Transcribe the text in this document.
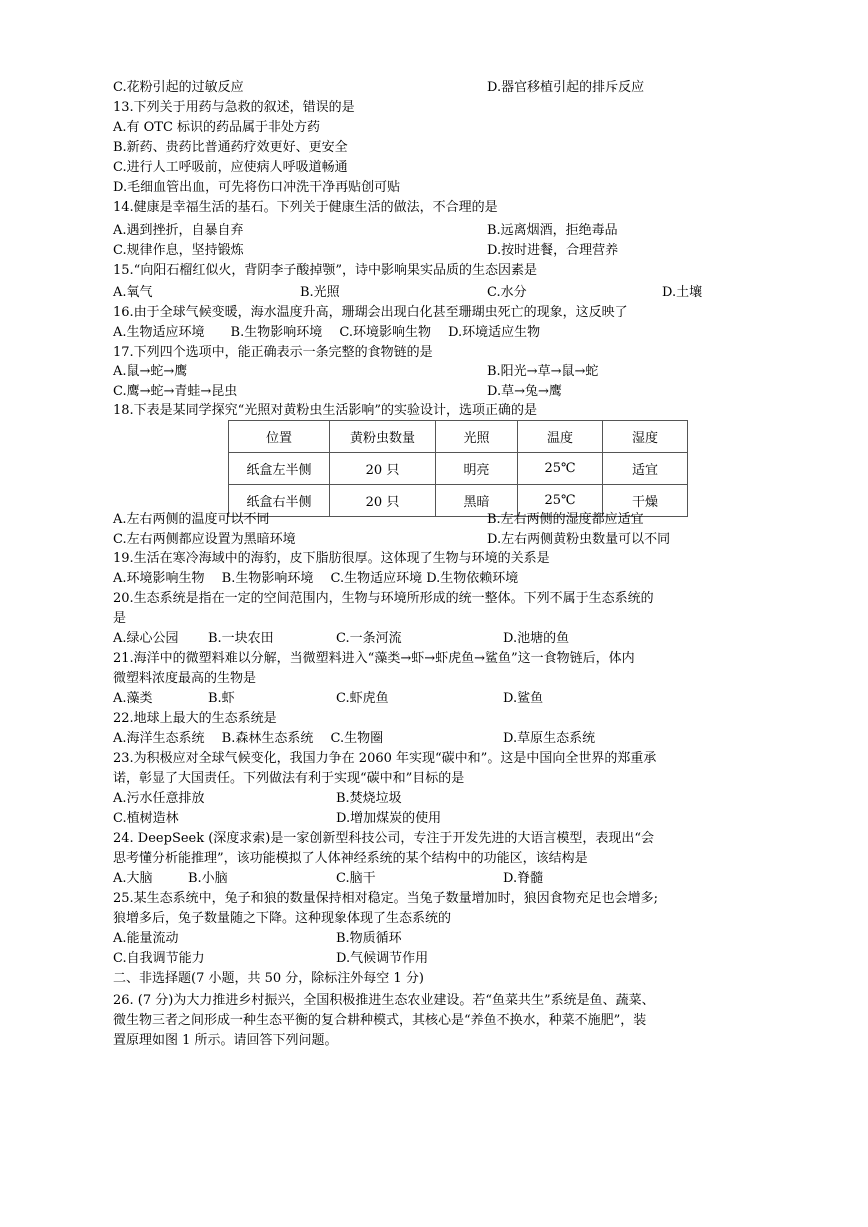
C.花粉引起的过敏反应	D.器官移植引起的排斥反应
13.下列关于用药与急救的叙述，错误的是
A.有 OTC 标识的药品属于非处方药
B.新药、贵药比普通药疗效更好、更安全
C.进行人工呼吸前，应使病人呼吸道畅通
D.毛细血管出血，可先将伤口冲洗干净再贴创可贴
14.健康是幸福生活的基石。下列关于健康生活的做法，不合理的是
A.遇到挫折，自暴自弃	B.远离烟酒，拒绝毒品
C.规律作息，坚持锻炼	D.按时进餐，合理营养
15.“向阳石榴红似火，背阴李子酸掉颚”，诗中影响果实品质的生态因素是
A.氧气	B.光照	C.水分	D.土壤
16.由于全球气候变暖，海水温度升高，珊瑚会出现白化甚至珊瑚虫死亡的现象，这反映了
A.生物适应环境　　B.生物影响环境　 C.环境影响生物　 D.环境适应生物
17.下列四个选项中，能正确表示一条完整的食物链的是
A.鼠→蛇→鹰	B.阳光→草→鼠→蛇
C.鹰→蛇→青蛙→昆虫	D.草→兔→鹰
18.下表是某同学探究“光照对黄粉虫生活影响”的实验设计，选项正确的是
位置	黄粉虫数量	光照	温度	湿度
纸盒左半侧	20 只	明亮	25℃	适宜
纸盒右半侧	20 只	黑暗	25℃	干燥
A.左右两侧的温度可以不同	B.左右两侧的湿度都应适宜
C.左右两侧都应设置为黑暗环境	D.左右两侧黄粉虫数量可以不同
19.生活在寒冷海域中的海豹，皮下脂肪很厚。这体现了生物与环境的关系是
A.环境影响生物　 B.生物影响环境　 C.生物适应环境 D.生物依赖环境
20.生态系统是指在一定的空间范围内，生物与环境所形成的统一整体。下列不属于生态系统的
是
A.绿心公园 B.一块农田	C.一条河流	D.池塘的鱼
21.海洋中的微塑料难以分解，当微塑料进入“藻类→虾→虾虎鱼→鲨鱼”这一食物链后，体内
微塑料浓度最高的生物是
A.藻类	B.虾	C.虾虎鱼	D.鲨鱼
22.地球上最大的生态系统是
A.海洋生态系统　 B.森林生态系统　 C.生物圈	D.草原生态系统
23.为积极应对全球气候变化，我国力争在 2060 年实现“碳中和”。这是中国向全世界的郑重承
诺，彰显了大国责任。下列做法有利于实现“碳中和”目标的是
A.污水任意排放	B.焚烧垃圾
C.植树造林	D.增加煤炭的使用
24. DeepSeek (深度求索)是一家创新型科技公司，专注于开发先进的大语言模型，表现出“会
思考懂分析能推理”，该功能模拟了人体神经系统的某个结构中的功能区，该结构是
A.大脑	B.小脑	C.脑干	D.脊髓
25.某生态系统中，兔子和狼的数量保持相对稳定。当兔子数量增加时，狼因食物充足也会增多;
狼增多后，兔子数量随之下降。这种现象体现了生态系统的
A.能量流动	B.物质循环
C.自我调节能力	D.气候调节作用
二、非选择题(7 小题，共 50 分，除标注外每空 1 分)
26. (7 分)为大力推进乡村振兴，全国积极推进生态农业建设。若“鱼菜共生”系统是鱼、蔬菜、
微生物三者之间形成一种生态平衡的复合耕种模式，其核心是“养鱼不换水，种菜不施肥”，装
置原理如图 1 所示。请回答下列问题。
